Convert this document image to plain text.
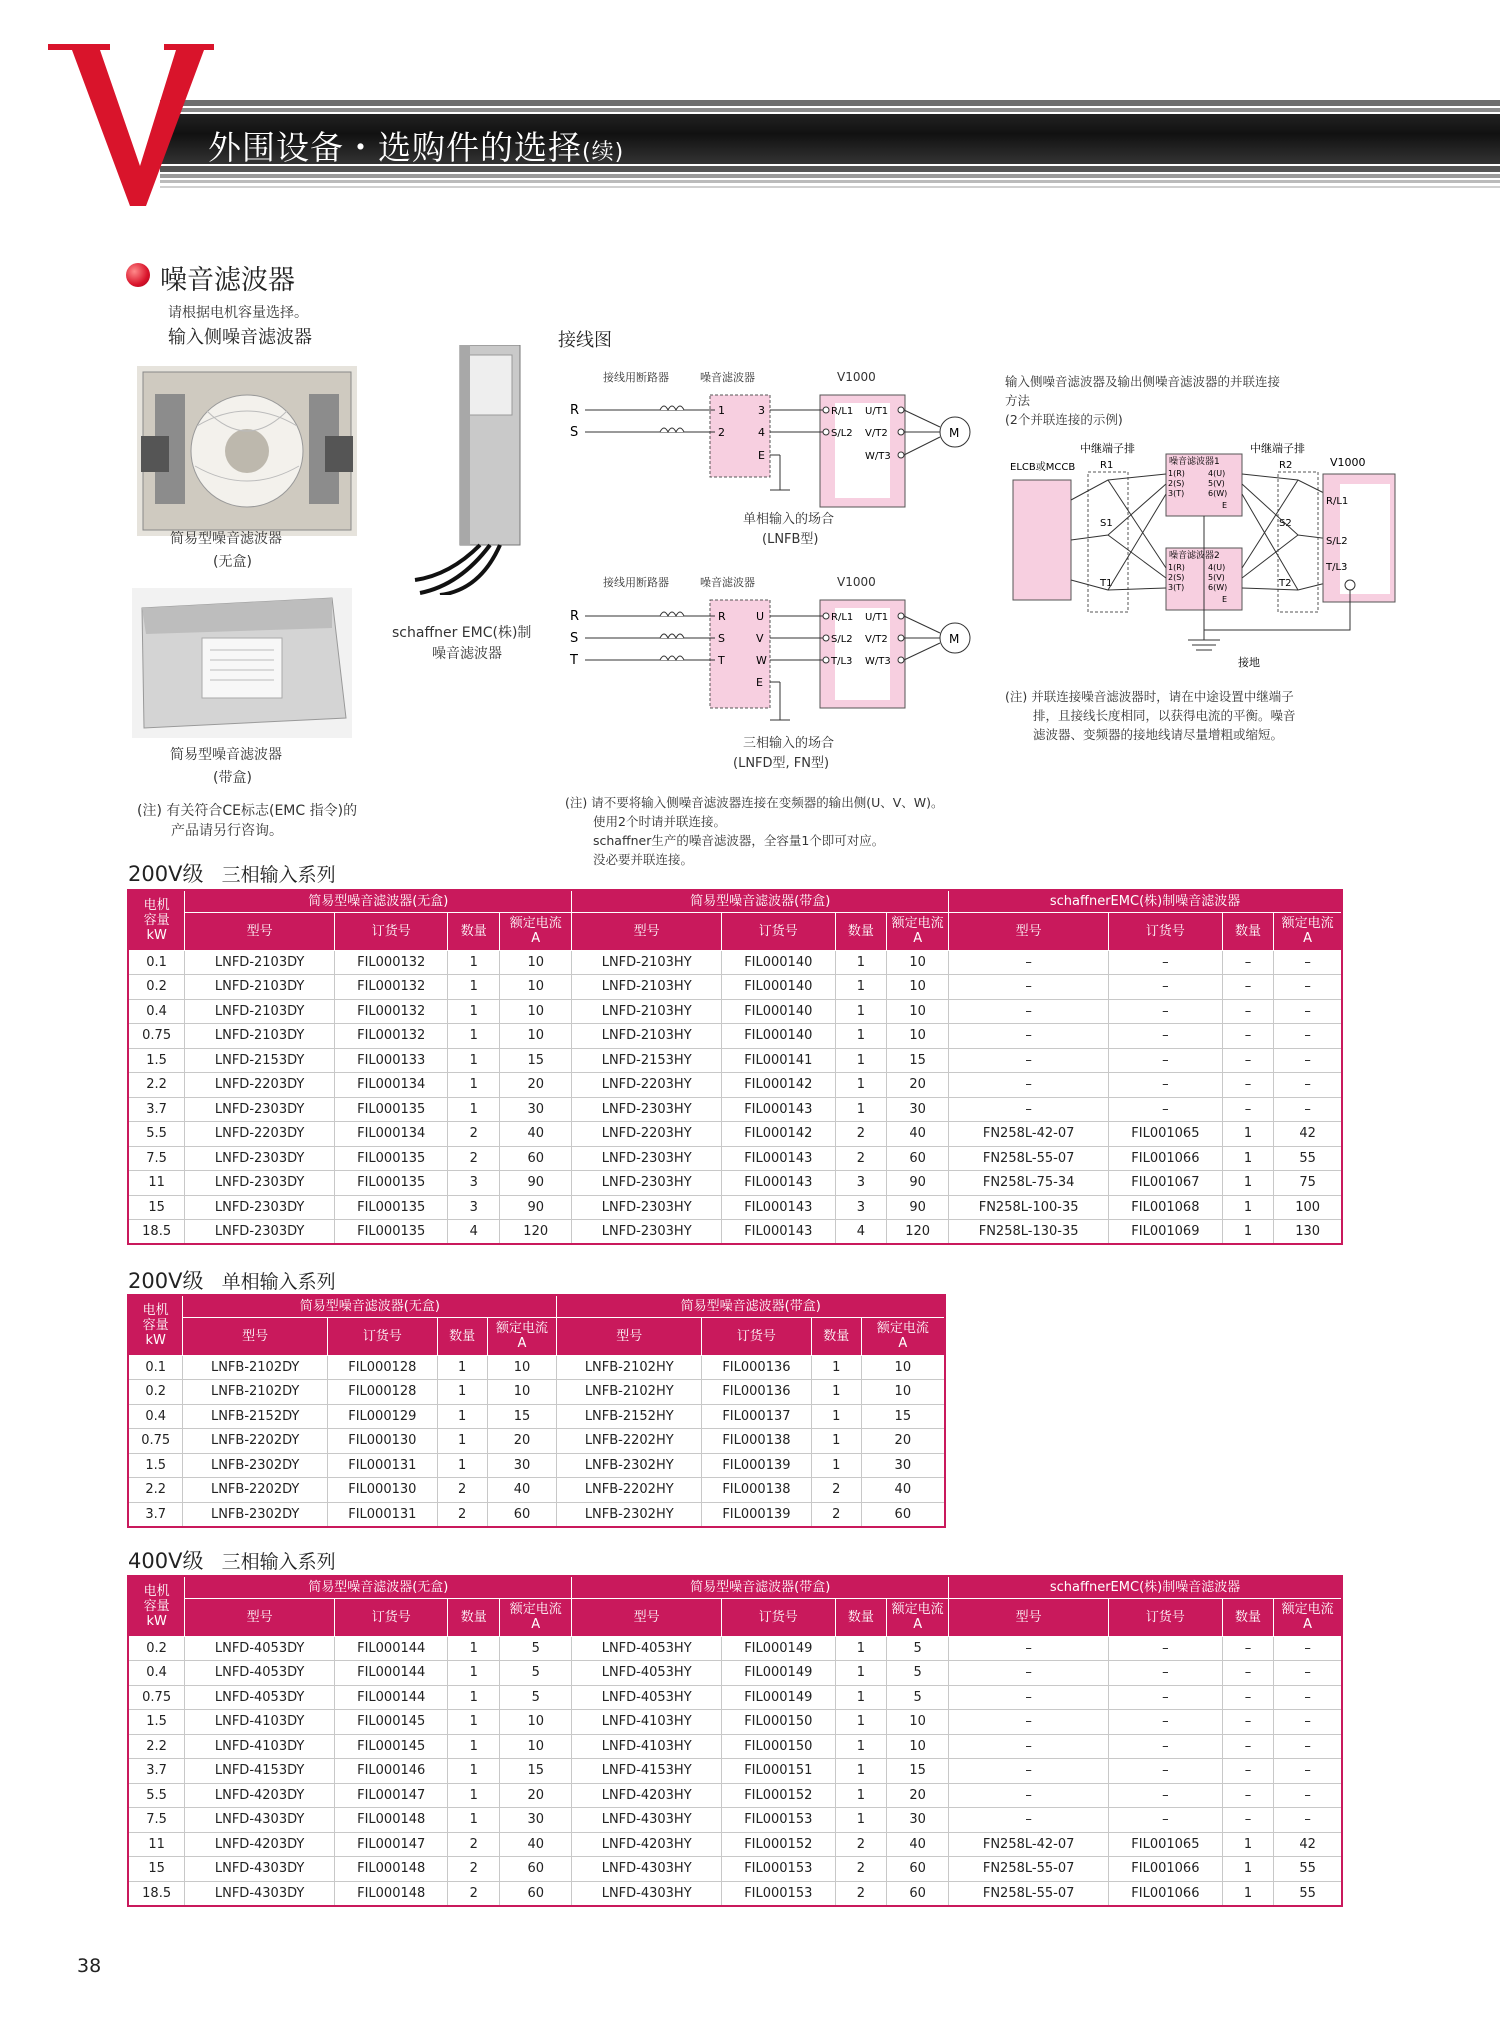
外围设备・选购件的选择(续)
噪音滤波器
请根据电机容量选择。
输入侧噪音滤波器	接线图
简易型噪音滤波器
(无盒)
schaffner EMC(株)制
噪音滤波器
简易型噪音滤波器
(带盒)
(注) 有关符合CE标志(EMC 指令)的
产品请另行咨询。
接线用断路器	噪音滤波器	V1000
R
S
1
2
3
4
E
R/L1
S/L2
U/T1
V/T2
W/T3
M
单相输入的场合
(LNFB型)
接线用断路器	噪音滤波器	V1000
R
S
T
R
S
T
U
V
W
E
R/L1
S/L2
T/L3
U/T1
V/T2
W/T3
M
三相输入的场合
(LNFD型, FN型)
输入侧噪音滤波器及输出侧噪音滤波器的并联连接
方法
(2个并联连接的示例)
中继端子排	中继端子排
ELCB或MCCB R1
S1
T1
R2
S2
T2
噪音滤波器1
噪音滤波器2
1(R)
2(S)
3(T)
4(U)
5(V)
6(W)
E
1(R)
2(S)
3(T)
4(U)
5(V)
6(W)
E
V1000
R/L1
S/L2
T/L3
接地
(注) 并联连接噪音滤波器时，请在中途设置中继端子
排，且接线长度相同，以获得电流的平衡。噪音
滤波器、变频器的接地线请尽量增粗或缩短。
(注) 请不要将输入侧噪音滤波器连接在变频器的输出侧(U、V、W)。
使用2个时请并联连接。
schaffner生产的噪音滤波器，全容量1个即可对应。
没必要并联连接。
200V级 三相输入系列
电机
容量
kW	简易型噪音滤波器(无盒)				简易型噪音滤波器(带盒)				schaffnerEMC(株)制噪音滤波器			
	型号	订货号	数量	额定电流
A	型号	订货号	数量	额定电流
A	型号	订货号	数量	额定电流
A
0.1	LNFD-2103DY	FIL000132	1	10	LNFD-2103HY	FIL000140	1	10	–	–	–	–
0.2	LNFD-2103DY	FIL000132	1	10	LNFD-2103HY	FIL000140	1	10	–	–	–	–
0.4	LNFD-2103DY	FIL000132	1	10	LNFD-2103HY	FIL000140	1	10	–	–	–	–
0.75	LNFD-2103DY	FIL000132	1	10	LNFD-2103HY	FIL000140	1	10	–	–	–	–
1.5	LNFD-2153DY	FIL000133	1	15	LNFD-2153HY	FIL000141	1	15	–	–	–	–
2.2	LNFD-2203DY	FIL000134	1	20	LNFD-2203HY	FIL000142	1	20	–	–	–	–
3.7	LNFD-2303DY	FIL000135	1	30	LNFD-2303HY	FIL000143	1	30	–	–	–	–
5.5	LNFD-2203DY	FIL000134	2	40	LNFD-2203HY	FIL000142	2	40	FN258L-42-07	FIL001065	1	42
7.5	LNFD-2303DY	FIL000135	2	60	LNFD-2303HY	FIL000143	2	60	FN258L-55-07	FIL001066	1	55
11	LNFD-2303DY	FIL000135	3	90	LNFD-2303HY	FIL000143	3	90	FN258L-75-34	FIL001067	1	75
15	LNFD-2303DY	FIL000135	3	90	LNFD-2303HY	FIL000143	3	90	FN258L-100-35	FIL001068	1	100
18.5	LNFD-2303DY	FIL000135	4	120	LNFD-2303HY	FIL000143	4	120	FN258L-130-35	FIL001069	1	130
200V级 单相输入系列
电机
容量
kW	简易型噪音滤波器(无盒)				简易型噪音滤波器(带盒)			
	型号	订货号	数量	额定电流
A	型号	订货号	数量	额定电流
A
0.1	LNFB-2102DY	FIL000128	1	10	LNFB-2102HY	FIL000136	1	10
0.2	LNFB-2102DY	FIL000128	1	10	LNFB-2102HY	FIL000136	1	10
0.4	LNFB-2152DY	FIL000129	1	15	LNFB-2152HY	FIL000137	1	15
0.75	LNFB-2202DY	FIL000130	1	20	LNFB-2202HY	FIL000138	1	20
1.5	LNFB-2302DY	FIL000131	1	30	LNFB-2302HY	FIL000139	1	30
2.2	LNFB-2202DY	FIL000130	2	40	LNFB-2202HY	FIL000138	2	40
3.7	LNFB-2302DY	FIL000131	2	60	LNFB-2302HY	FIL000139	2	60
400V级 三相输入系列
电机
容量
kW	简易型噪音滤波器(无盒)				简易型噪音滤波器(带盒)				schaffnerEMC(株)制噪音滤波器			
	型号	订货号	数量	额定电流
A	型号	订货号	数量	额定电流
A	型号	订货号	数量	额定电流
A
0.2	LNFD-4053DY	FIL000144	1	5	LNFD-4053HY	FIL000149	1	5	–	–	–	–
0.4	LNFD-4053DY	FIL000144	1	5	LNFD-4053HY	FIL000149	1	5	–	–	–	–
0.75	LNFD-4053DY	FIL000144	1	5	LNFD-4053HY	FIL000149	1	5	–	–	–	–
1.5	LNFD-4103DY	FIL000145	1	10	LNFD-4103HY	FIL000150	1	10	–	–	–	–
2.2	LNFD-4103DY	FIL000145	1	10	LNFD-4103HY	FIL000150	1	10	–	–	–	–
3.7	LNFD-4153DY	FIL000146	1	15	LNFD-4153HY	FIL000151	1	15	–	–	–	–
5.5	LNFD-4203DY	FIL000147	1	20	LNFD-4203HY	FIL000152	1	20	–	–	–	–
7.5	LNFD-4303DY	FIL000148	1	30	LNFD-4303HY	FIL000153	1	30	–	–	–	–
11	LNFD-4203DY	FIL000147	2	40	LNFD-4203HY	FIL000152	2	40	FN258L-42-07	FIL001065	1	42
15	LNFD-4303DY	FIL000148	2	60	LNFD-4303HY	FIL000153	2	60	FN258L-55-07	FIL001066	1	55
18.5	LNFD-4303DY	FIL000148	2	60	LNFD-4303HY	FIL000153	2	60	FN258L-55-07	FIL001066	1	55
38
